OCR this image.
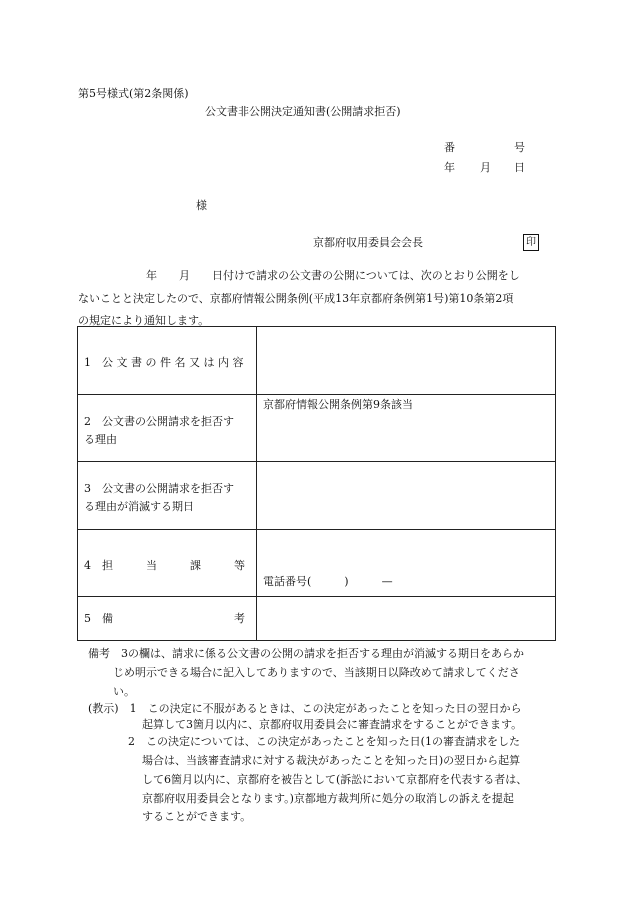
第5号様式(第2条関係)
公文書非公開決定通知書(公開請求拒否)
番	号
年 月 日
様
京都府収用委員会会長	印
年　　月　　日付けで請求の公文書の公開については、次のとおり公開をし
ないことと決定したので、京都府情報公開条例(平成13年京都府条例第1号)第10条第2項
の規定により通知します。
1　公 文 書 の 件 名 又 は 内 容	

2　公文書の公開請求を拒否す
る理由	京都府情報公開条例第9条該当

3　公文書の公開請求を拒否す
る理由が消滅する期日	

4　担　　　当　　　課　　　等	電話番号(　　　)　　　—

5　備　　　　　　　　　　　考	

備考　3の欄は、請求に係る公文書の公開の請求を拒否する理由が消滅する期日をあらか
じめ明示できる場合に記入してありますので、当該期日以降改めて請求してくださ
い。
(教示)　1　この決定に不服があるときは、この決定があったことを知った日の翌日から
起算して3箇月以内に、京都府収用委員会に審査請求をすることができます。
2　この決定については、この決定があったことを知った日(1の審査請求をした
場合は、当該審査請求に対する裁決があったことを知った日)の翌日から起算
して6箇月以内に、京都府を被告として(訴訟において京都府を代表する者は、
京都府収用委員会となります。)京都地方裁判所に処分の取消しの訴えを提起
することができます。
